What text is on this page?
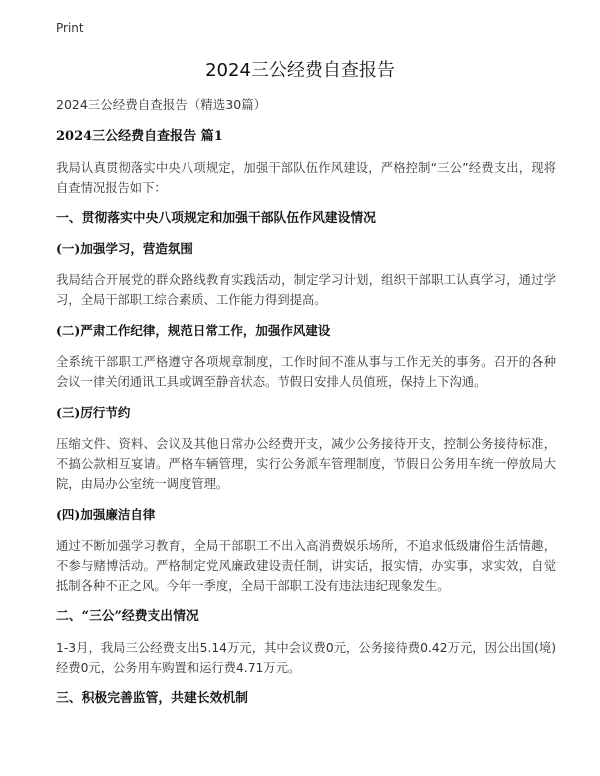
Print
2024三公经费自查报告
2024三公经费自查报告（精选30篇）
2024三公经费自查报告 篇1

我局认真贯彻落实中央八项规定，加强干部队伍作风建设，严格控制“三公”经费支出，现将自查情况报告如下：

一、贯彻落实中央八项规定和加强干部队伍作风建设情况
(一)加强学习，营造氛围

我局结合开展党的群众路线教育实践活动，制定学习计划，组织干部职工认真学习，通过学习，全局干部职工综合素质、工作能力得到提高。

(二)严肃工作纪律，规范日常工作，加强作风建设

全系统干部职工严格遵守各项规章制度，工作时间不准从事与工作无关的事务。召开的各种会议一律关闭通讯工具或调至静音状态。节假日安排人员值班，保持上下沟通。

(三)厉行节约

压缩文件、资料、会议及其他日常办公经费开支，减少公务接待开支，控制公务接待标准，不搞公款相互宴请。严格车辆管理，实行公务派车管理制度，节假日公务用车统一停放局大院，由局办公室统一调度管理。

(四)加强廉洁自律

通过不断加强学习教育，全局干部职工不出入高消费娱乐场所，不追求低级庸俗生活情趣，不参与赌博活动。严格制定党风廉政建设责任制，讲实话，报实情，办实事，求实效，自觉抵制各种不正之风。今年一季度，全局干部职工没有违法违纪现象发生。

二、“三公”经费支出情况

1-3月，我局三公经费支出5.14万元，其中会议费0元，公务接待费0.42万元，因公出国(境)经费0元，公务用车购置和运行费4.71万元。

三、积极完善监管，共建长效机制
